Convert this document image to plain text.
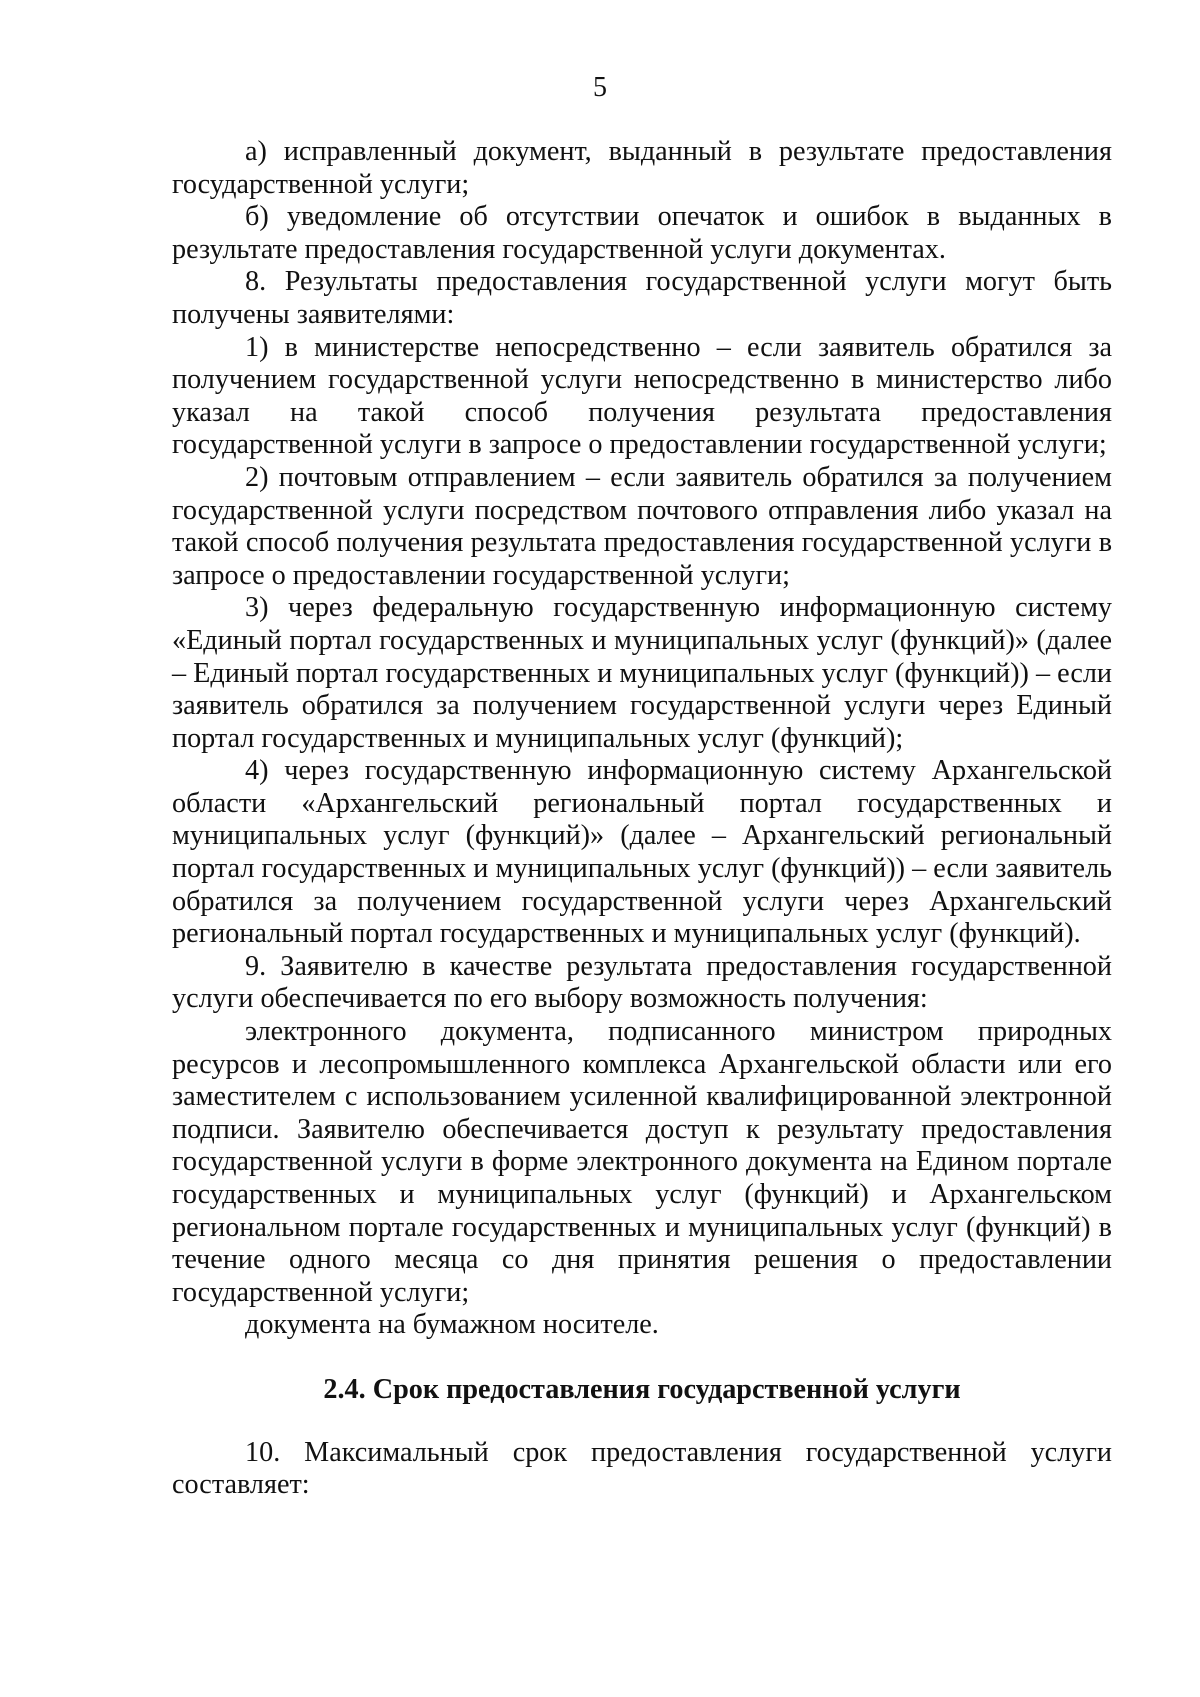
5

а) исправленный документ, выданный в результате предоставления государственной услуги;

б) уведомление об отсутствии опечаток и ошибок в выданных в результате предоставления государственной услуги документах.

8. Результаты предоставления государственной услуги могут быть получены заявителями:

1) в министерстве непосредственно – если заявитель обратился за получением государственной услуги непосредственно в министерство либо указал на такой способ получения результата предоставления государственной услуги в запросе о предоставлении государственной услуги;

2) почтовым отправлением – если заявитель обратился за получением государственной услуги посредством почтового отправления либо указал на такой способ получения результата предоставления государственной услуги в запросе о предоставлении государственной услуги;

3) через федеральную государственную информационную систему «Единый портал государственных и муниципальных услуг (функций)» (далее – Единый портал государственных и муниципальных услуг (функций)) – если заявитель обратился за получением государственной услуги через Единый портал государственных и муниципальных услуг (функций);

4) через государственную информационную систему Архангельской области «Архангельский региональный портал государственных и муниципальных услуг (функций)» (далее – Архангельский региональный портал государственных и муниципальных услуг (функций)) – если заявитель обратился за получением государственной услуги через Архангельский региональный портал государственных и муниципальных услуг (функций).

9. Заявителю в качестве результата предоставления государственной услуги обеспечивается по его выбору возможность получения:

электронного документа, подписанного министром природных ресурсов и лесопромышленного комплекса Архангельской области или его заместителем с использованием усиленной квалифицированной электронной подписи. Заявителю обеспечивается доступ к результату предоставления государственной услуги в форме электронного документа на Едином портале государственных и муниципальных услуг (функций) и Архангельском региональном портале государственных и муниципальных услуг (функций) в течение одного месяца со дня принятия решения о предоставлении государственной услуги;

документа на бумажном носителе.

2.4. Срок предоставления государственной услуги

10. Максимальный срок предоставления государственной услуги составляет:
